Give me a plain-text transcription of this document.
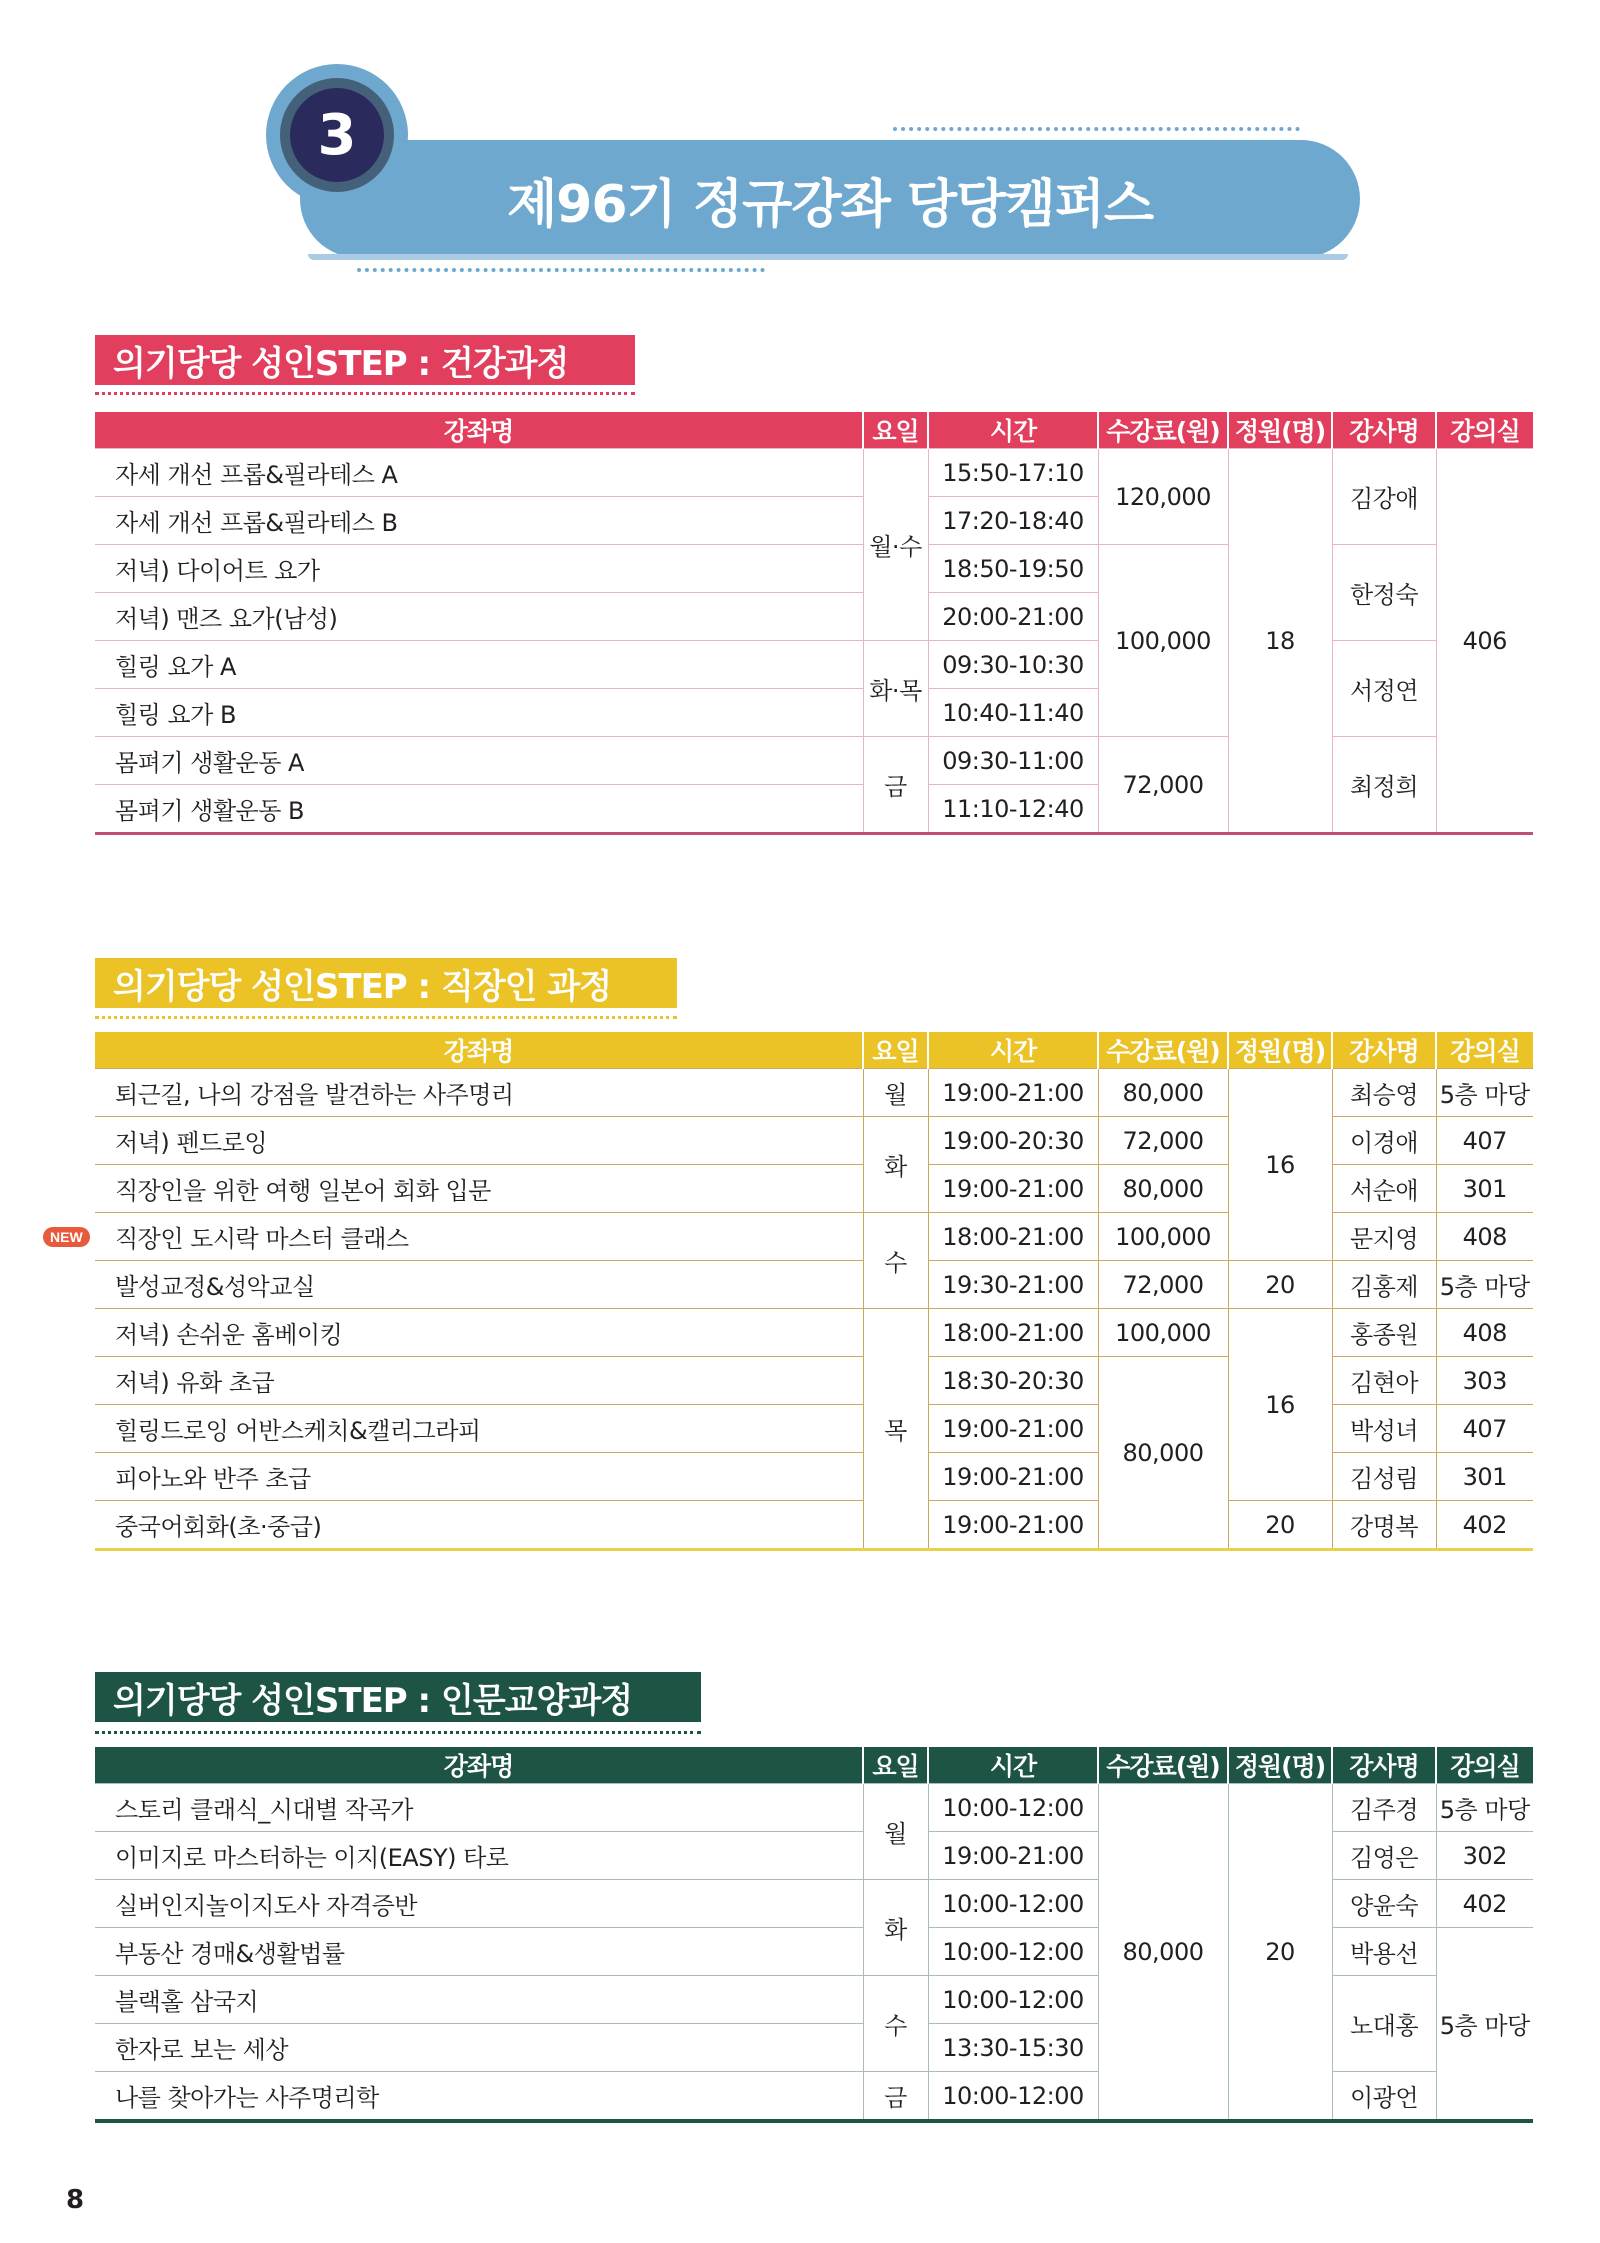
제96기 정규강좌 당당캠퍼스
3
의기당당 성인STEP : 건강과정
강좌명	요일	시간	수강료(원)	정원(명)	강사명	강의실
자세 개선 프롭&필라테스 A	월·수	15:50-17:10	120,000	18	김강애	406
자세 개선 프롭&필라테스 B		17:20-18:40				
저녁) 다이어트 요가		18:50-19:50	100,000		한정숙	
저녁) 맨즈 요가(남성)		20:00-21:00				
힐링 요가 A	화·목	09:30-10:30			서정연	
힐링 요가 B		10:40-11:40				
몸펴기 생활운동 A	금	09:30-11:00	72,000		최정희	
몸펴기 생활운동 B		11:10-12:40				
의기당당 성인STEP : 직장인 과정
강좌명	요일	시간	수강료(원)	정원(명)	강사명	강의실
퇴근길, 나의 강점을 발견하는 사주명리	월	19:00-21:00	80,000	16	최승영	5층 마당
저녁) 펜드로잉	화	19:00-20:30	72,000		이경애	407
직장인을 위한 여행 일본어 회화 입문		19:00-21:00	80,000		서순애	301

NEW 직장인 도시락 마스터 클래스	수	18:00-21:00	100,000		문지영	408
발성교정&성악교실		19:30-21:00	72,000	20	김홍제	5층 마당
저녁) 손쉬운 홈베이킹	목	18:00-21:00	100,000	16	홍종원	408
저녁) 유화 초급		18:30-20:30	80,000		김현아	303
힐링드로잉 어반스케치&캘리그라피		19:00-21:00			박성녀	407
피아노와 반주 초급		19:00-21:00			김성림	301
중국어회화(초·중급)		19:00-21:00		20	강명복	402
의기당당 성인STEP : 인문교양과정
강좌명	요일	시간	수강료(원)	정원(명)	강사명	강의실
스토리 클래식_시대별 작곡가	월	10:00-12:00	80,000	20	김주경	5층 마당
이미지로 마스터하는 이지(EASY) 타로		19:00-21:00			김영은	302
실버인지놀이지도사 자격증반	화	10:00-12:00			양윤숙	402
부동산 경매&생활법률		10:00-12:00			박용선	5층 마당
블랙홀 삼국지	수	10:00-12:00			노대홍	
한자로 보는 세상		13:30-15:30				
나를 찾아가는 사주명리학	금	10:00-12:00			이광언	
8
